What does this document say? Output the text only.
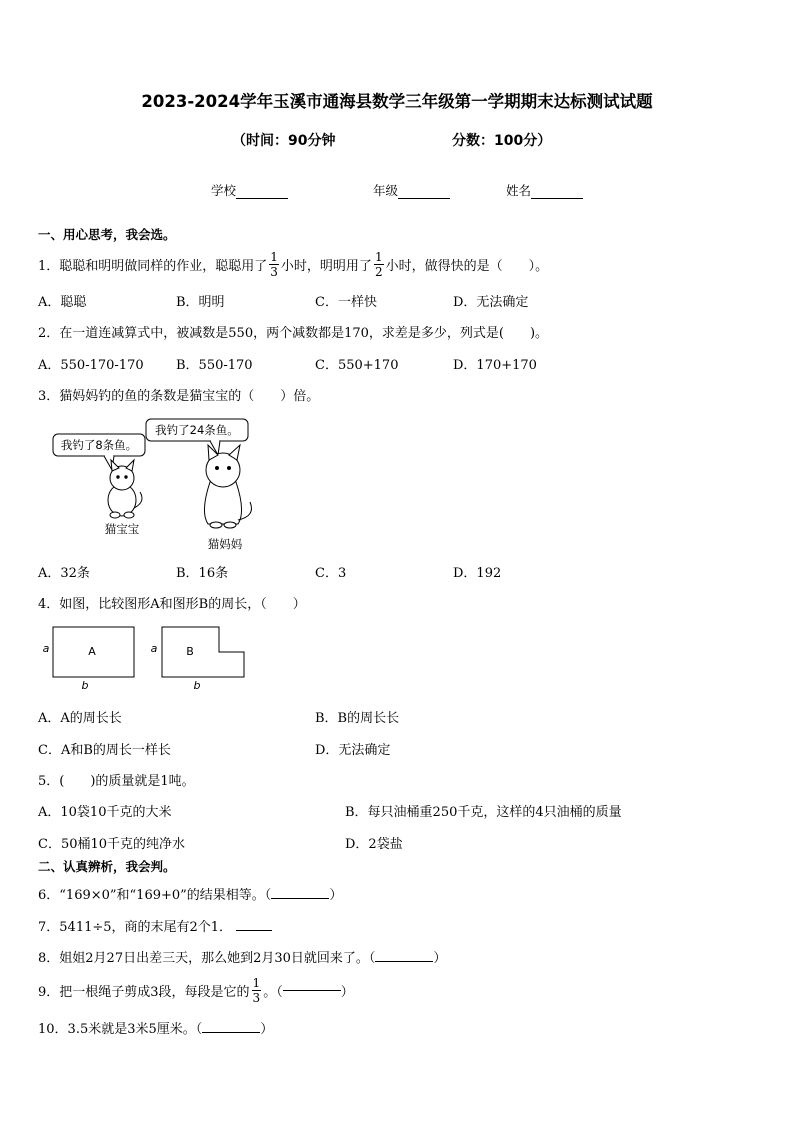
2023-2024学年玉溪市通海县数学三年级第一学期期末达标测试试题
（时间：90分钟	分数：100分）
学校	年级	姓名
一、用心思考，我会选。
1．聪聪和明明做同样的作业，聪聪用了 $\frac{1}{3}$ 小时，明明用了 $\frac{1}{2}$ 小时，做得快的是（　　）。
A．聪聪	B．明明	C．一样快	D．无法确定
2．在一道连减算式中，被减数是550，两个减数都是170，求差是多少，列式是(　　)。
A．550-170-170 B．550-170	C．550+170	D．170+170
3．猫妈妈钓的鱼的条数是猫宝宝的（　　）倍。
我钓了8条鱼。
我钓了24条鱼。
猫宝宝
猫妈妈
A．32条	B．16条	C．3	D．192
4．如图，比较图形A和图形B的周长，（　　）
A
a
b
B
a
b
A．A的周长长	B．B的周长长
C．A和B的周长一样长	D．无法确定
5．(　　)的质量就是1吨。
A．10袋10千克的大米	B．每只油桶重250千克，这样的4只油桶的质量
C．50桶10千克的纯净水	D．2袋盐
二、认真辨析，我会判。
6．“169×0”和“169+0”的结果相等。（	）
7．5411÷5，商的末尾有2个1．
8．姐姐2月27日出差三天，那么她到2月30日就回来了。（	）
9．把一根绳子剪成3段，每段是它的 $\frac{1}{3}$ 。（	）
10．3.5米就是3米5厘米。（	）
